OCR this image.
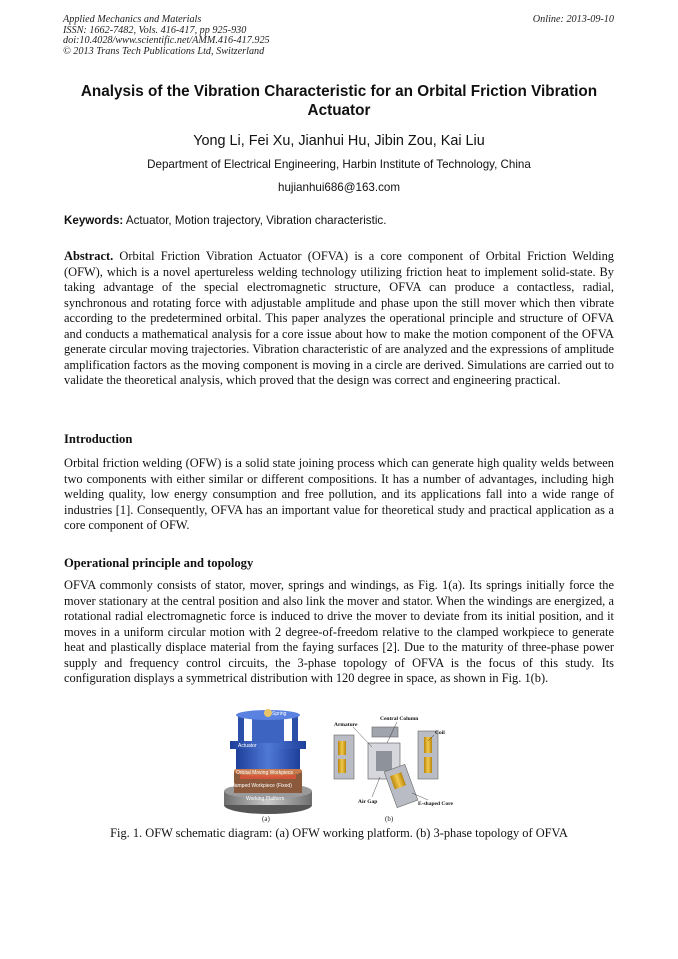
Applied Mechanics and Materials
ISSN: 1662-7482, Vols. 416-417, pp 925-930
doi:10.4028/www.scientific.net/AMM.416-417.925
© 2013 Trans Tech Publications Ltd, Switzerland
Online: 2013-09-10
Analysis of the Vibration Characteristic for an Orbital Friction Vibration Actuator
Yong Li, Fei Xu, Jianhui Hu, Jibin Zou, Kai Liu
Department of Electrical Engineering, Harbin Institute of Technology, China
hujianhui686@163.com
Keywords: Actuator, Motion trajectory, Vibration characteristic.
Abstract. Orbital Friction Vibration Actuator (OFVA) is a core component of Orbital Friction Welding (OFW), which is a novel apertureless welding technology utilizing friction heat to implement solid-state. By taking advantage of the special electromagnetic structure, OFVA can produce a contactless, radial, synchronous and rotating force with adjustable amplitude and phase upon the still mover which then vibrate according to the predetermined orbital. This paper analyzes the operational principle and structure of OFVA and conducts a mathematical analysis for a core issue about how to make the motion component of the OFVA generate circular moving trajectories. Vibration characteristic of are analyzed and the expressions of amplitude amplification factors as the moving component is moving in a circle are derived. Simulations are carried out to validate the theoretical analysis, which proved that the design was correct and engineering practical.
Introduction
Orbital friction welding (OFW) is a solid state joining process which can generate high quality welds between two components with either similar or different compositions. It has a number of advantages, including high welding quality, low energy consumption and free pollution, and its applications fall into a wide range of industries [1]. Consequently, OFVA has an important value for theoretical study and practical application as a core component of OFW.
Operational principle and topology
OFVA commonly consists of stator, mover, springs and windings, as Fig. 1(a). Its springs initially force the mover stationary at the central position and also link the mover and stator. When the windings are energized, a rotational radial electromagnetic force is induced to drive the mover to deviate from its initial position, and it moves in a uniform circular motion with 2 degree-of-freedom relative to the clamped workpiece to generate heat and plastically displace material from the faying surfaces [2]. Due to the maturity of three-phase power supply and frequency control circuits, the 3-phase topology of OFVA is the focus of this study. Its configuration displays a symmetrical distribution with 120 degree in space, as shown in Fig. 1(b).
Spring
Actuator
Orbital Moving Workpiece
Clamped Workpiece (Fixed)
Working Platform
(a)
Armature
Central Column
Coil
Air Gap	E-shaped Core
(b)
Fig. 1. OFW schematic diagram: (a) OFW working platform. (b) 3-phase topology of OFVA
